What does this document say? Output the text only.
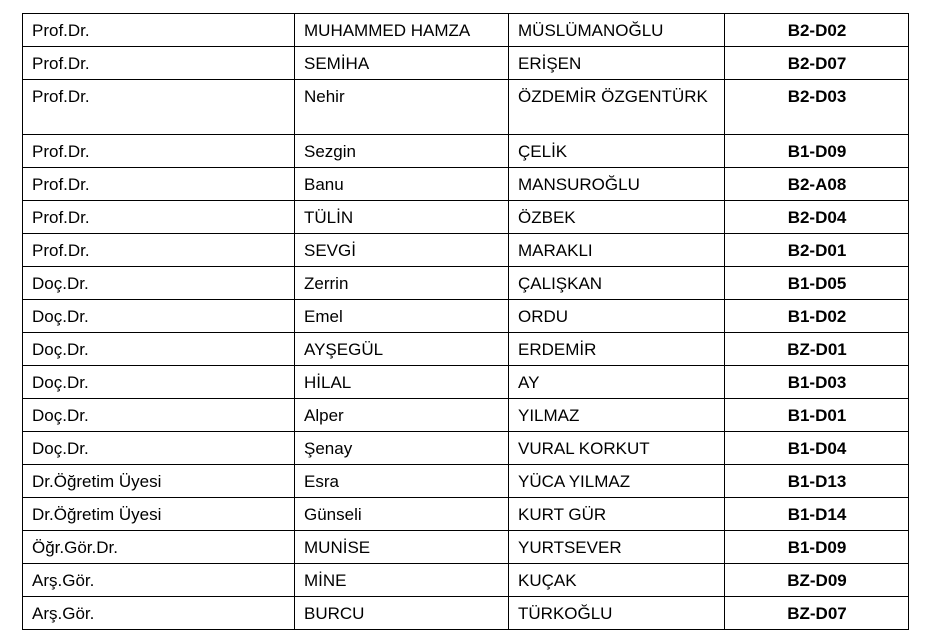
Prof.Dr.	MUHAMMED HAMZA	MÜSLÜMANOĞLU	B2-D02
Prof.Dr.	SEMİHA	ERİŞEN	B2-D07
Prof.Dr.	Nehir	ÖZDEMİR ÖZGENTÜRK	B2-D03
Prof.Dr.	Sezgin	ÇELİK	B1-D09
Prof.Dr.	Banu	MANSUROĞLU	B2-A08
Prof.Dr.	TÜLİN	ÖZBEK	B2-D04
Prof.Dr.	SEVGİ	MARAKLI	B2-D01
Doç.Dr.	Zerrin	ÇALIŞKAN	B1-D05
Doç.Dr.	Emel	ORDU	B1-D02
Doç.Dr.	AYŞEGÜL	ERDEMİR	BZ-D01
Doç.Dr.	HİLAL	AY	B1-D03
Doç.Dr.	Alper	YILMAZ	B1-D01
Doç.Dr.	Şenay	VURAL KORKUT	B1-D04
Dr.Öğretim Üyesi	Esra	YÜCA YILMAZ	B1-D13
Dr.Öğretim Üyesi	Günseli	KURT GÜR	B1-D14
Öğr.Gör.Dr.	MUNİSE	YURTSEVER	B1-D09
Arş.Gör.	MİNE	KUÇAK	BZ-D09
Arş.Gör.	BURCU	TÜRKOĞLU	BZ-D07
